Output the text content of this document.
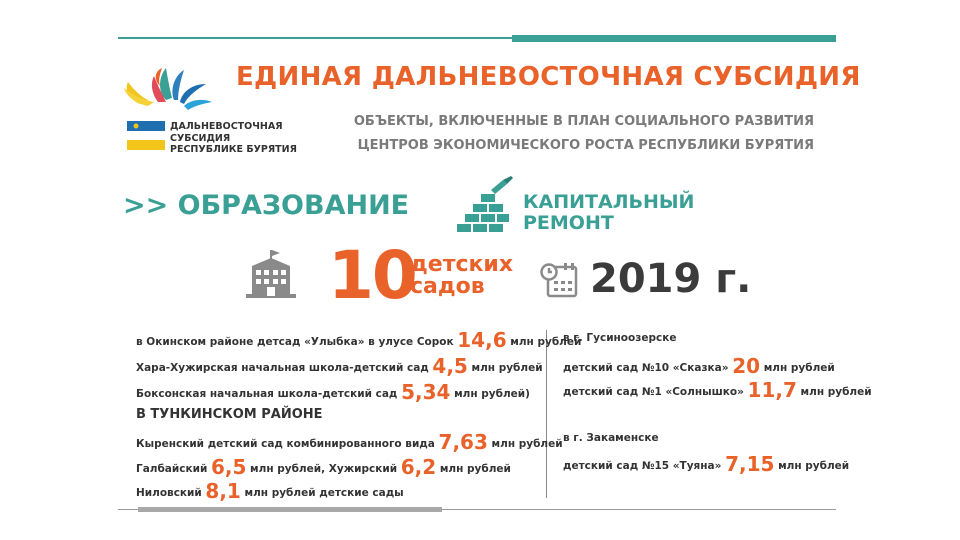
ДАЛЬНЕВОСТОЧНАЯ
СУБСИДИЯ
РЕСПУБЛИКЕ БУРЯТИЯ
ЕДИНАЯ ДАЛЬНЕВОСТОЧНАЯ СУБСИДИЯ
ОБЪЕКТЫ, ВКЛЮЧЕННЫЕ В ПЛАН СОЦИАЛЬНОГО РАЗВИТИЯ
ЦЕНТРОВ ЭКОНОМИЧЕСКОГО РОСТА РЕСПУБЛИКИ БУРЯТИЯ
>> ОБРАЗОВАНИЕ	КАПИТАЛЬНЫЙ
РЕМОНТ
10
детских
садов	2019 г.
в Окинском районе детсад «Улыбка» в улусе Сорок 14,6 млн рублей
Хара-Хужирская начальная школа-детский сад 4,5 млн рублей
Боксонская начальная школа-детский сад 5,34 млн рублей)
В ТУНКИНСКОМ РАЙОНЕ
Кыренский детский сад комбинированного вида 7,63 млн рублей
Галбайский 6,5 млн рублей, Хужирский 6,2 млн рублей
Ниловский 8,1 млн рублей детские сады
в г. Гусиноозерске
детский сад №10 «Сказка» 20 млн рублей
детский сад №1 «Солнышко» 11,7 млн рублей
в г. Закаменске
детский сад №15 «Туяна» 7,15 млн рублей
